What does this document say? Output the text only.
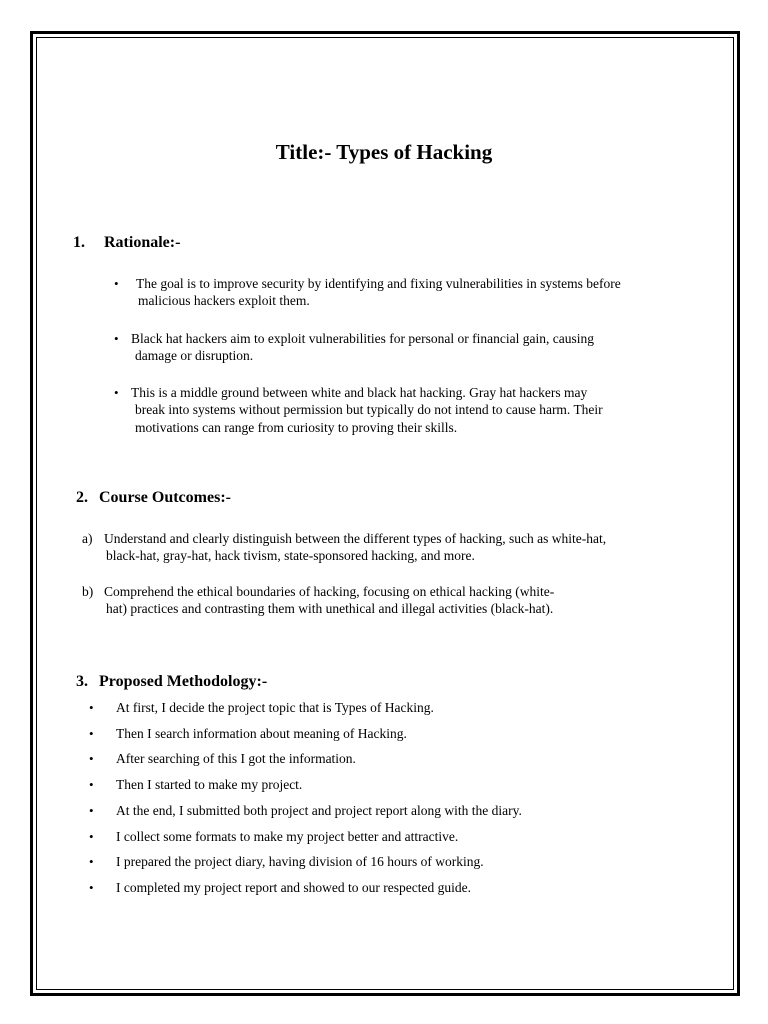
Title:- Types of Hacking
1. Rationale:-
• The goal is to improve security by identifying and fixing vulnerabilities in systems before
malicious hackers exploit them.
• Black hat hackers aim to exploit vulnerabilities for personal or financial gain, causing
damage or disruption.
• This is a middle ground between white and black hat hacking. Gray hat hackers may
break into systems without permission but typically do not intend to cause harm. Their
motivations can range from curiosity to proving their skills.
2. Course Outcomes:-
a) Understand and clearly distinguish between the different types of hacking, such as white-hat,
black-hat, gray-hat, hack tivism, state-sponsored hacking, and more.
b) Comprehend the ethical boundaries of hacking, focusing on ethical hacking (white-
hat) practices and contrasting them with unethical and illegal activities (black-hat).
3. Proposed Methodology:-
• At first, I decide the project topic that is Types of Hacking.
• Then I search information about meaning of Hacking.
• After searching of this I got the information.
• Then I started to make my project.
• At the end, I submitted both project and project report along with the diary.
• I collect some formats to make my project better and attractive.
• I prepared the project diary, having division of 16 hours of working.
• I completed my project report and showed to our respected guide.
